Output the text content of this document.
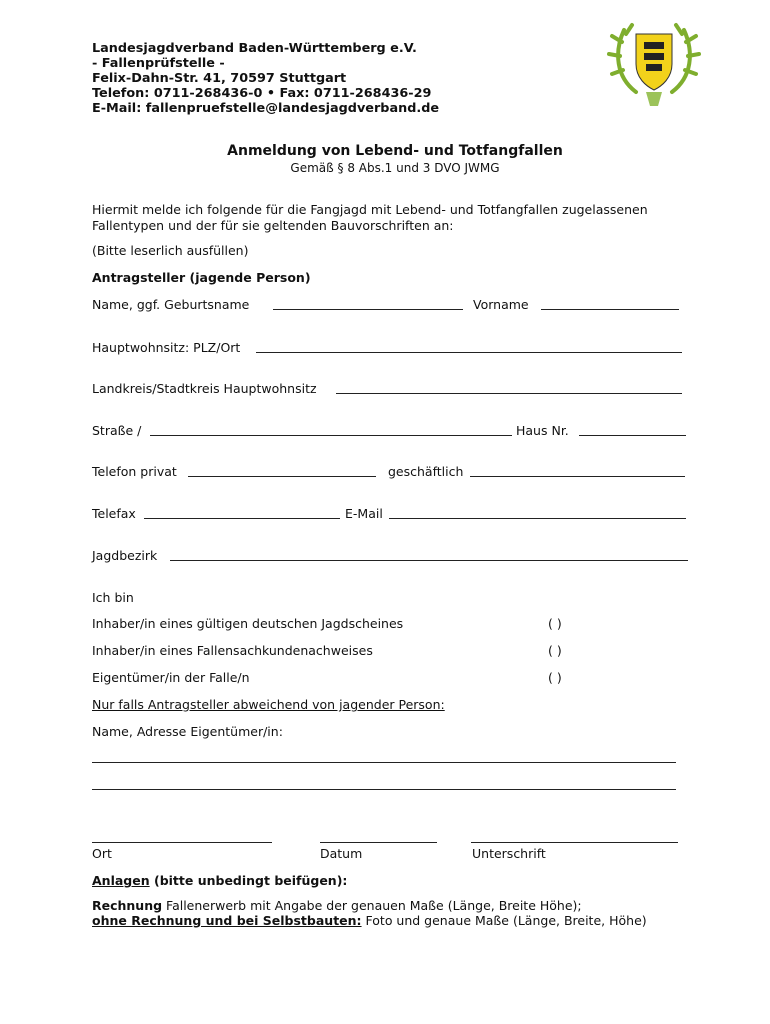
Landesjagdverband Baden-Württemberg e.V.
- Fallenprüfstelle -
Felix-Dahn-Str. 41, 70597 Stuttgart
Telefon: 0711-268436-0 • Fax: 0711-268436-29
E-Mail: fallenpruefstelle@landesjagdverband.de
Anmeldung von Lebend- und Totfangfallen
Gemäß § 8 Abs.1 und 3 DVO JWMG
Hiermit melde ich folgende für die Fangjagd mit Lebend- und Totfangfallen zugelassenen
Fallentypen und der für sie geltenden Bauvorschriften an:
(Bitte leserlich ausfüllen)
Antragsteller (jagende Person)
Name, ggf. Geburtsname	Vorname
Hauptwohnsitz: PLZ/Ort
Landkreis/Stadtkreis Hauptwohnsitz
Straße /	Haus Nr.
Telefon privat	geschäftlich
Telefax	E-Mail
Jagdbezirk
Ich bin
Inhaber/in eines gültigen deutschen Jagdscheines	( )
Inhaber/in eines Fallensachkundenachweises	( )
Eigentümer/in der Falle/n	( )
Nur falls Antragsteller abweichend von jagender Person:
Name, Adresse Eigentümer/in:
Ort	Datum	Unterschrift
Anlagen (bitte unbedingt beifügen):
Rechnung Fallenerwerb mit Angabe der genauen Maße (Länge, Breite Höhe);
ohne Rechnung und bei Selbstbauten: Foto und genaue Maße (Länge, Breite, Höhe)
